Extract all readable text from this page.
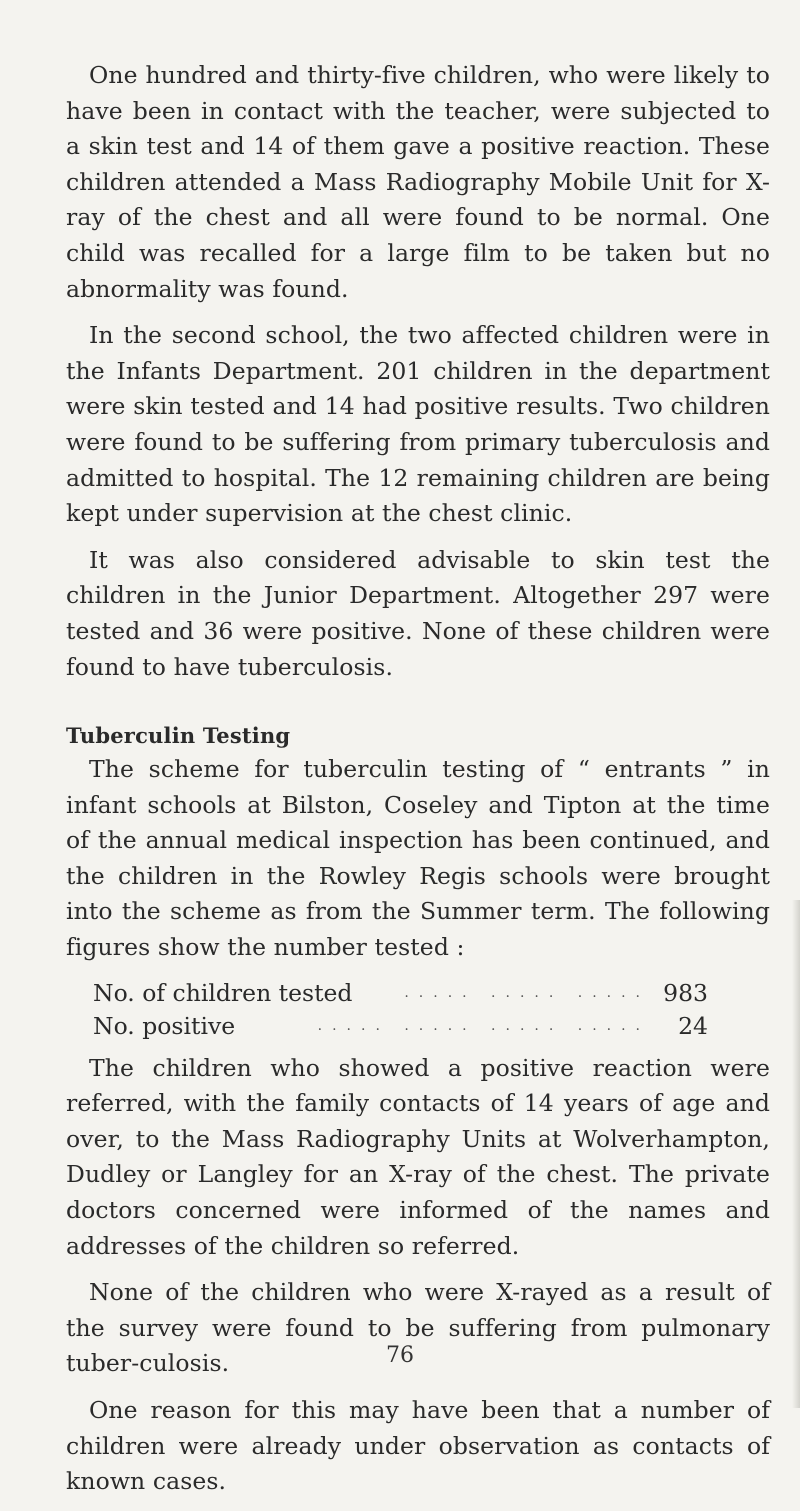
One hundred and thirty-five children, who were likely to have been in contact with the teacher, were subjected to a skin test and 14 of them gave a positive reaction. These children attended a Mass Radiography Mobile Unit for X-ray of the chest and all were found to be normal. One child was recalled for a large film to be taken but no abnormality was found.

In the second school, the two affected children were in the Infants Department. 201 children in the department were skin tested and 14 had positive results. Two children were found to be suffering from primary tuberculosis and admitted to hospital. The 12 remaining children are being kept under supervision at the chest clinic.

It was also considered advisable to skin test the children in the Junior Department. Altogether 297 were tested and 36 were positive. None of these children were found to have tuberculosis.

Tuberculin Testing

The scheme for tuberculin testing of “ entrants ” in infant schools at Bilston, Coseley and Tipton at the time of the annual medical inspection has been continued, and the children in the Rowley Regis schools were brought into the scheme as from the Summer term. The following figures show the number tested :

No. of children tested	..... ..... ..... 983
No. positive	..... ..... ..... .....	24

The children who showed a positive reaction were referred, with the family contacts of 14 years of age and over, to the Mass Radiography Units at Wolverhampton, Dudley or Langley for an X-ray of the chest. The private doctors concerned were informed of the names and addresses of the children so referred.

None of the children who were X-rayed as a result of the survey were found to be suffering from pulmonary tuber-culosis.

One reason for this may have been that a number of children were already under observation as contacts of known cases.

76
